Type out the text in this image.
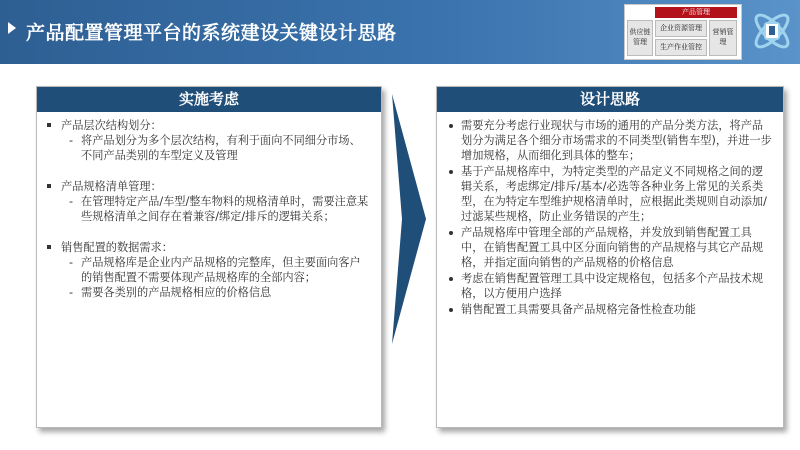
产品配置管理平台的系统建设关键设计思路
产品管理
供应链管理
企业资源管理
生产作业管控
营销管理
实施考虑
产品层次结构划分：
- 将产品划分为多个层次结构，有利于面向不同细分市场、不同产品类别的车型定义及管理
产品规格清单管理：
- 在管理特定产品/车型/整车物料的规格清单时，需要注意某些规格清单之间存在着兼容/绑定/排斥的逻辑关系；
销售配置的数据需求：
- 产品规格库是企业内产品规格的完整库，但主要面向客户的销售配置不需要体现产品规格库的全部内容；
- 需要各类别的产品规格相应的价格信息
设计思路
需要充分考虑行业现状与市场的通用的产品分类方法，将产品划分为满足各个细分市场需求的不同类型(销售车型)，并进一步增加规格，从而细化到具体的整车；
基于产品规格库中，为特定类型的产品定义不同规格之间的逻辑关系，考虑绑定/排斥/基本/必选等各种业务上常见的关系类型，在为特定车型维护规格清单时，应根据此类规则自动添加/过滤某些规格，防止业务错误的产生；
产品规格库中管理全部的产品规格，并发放到销售配置工具中，在销售配置工具中区分面向销售的产品规格与其它产品规格，并指定面向销售的产品规格的价格信息
考虑在销售配置管理工具中设定规格包，包括多个产品技术规格，以方便用户选择
销售配置工具需要具备产品规格完备性检查功能
